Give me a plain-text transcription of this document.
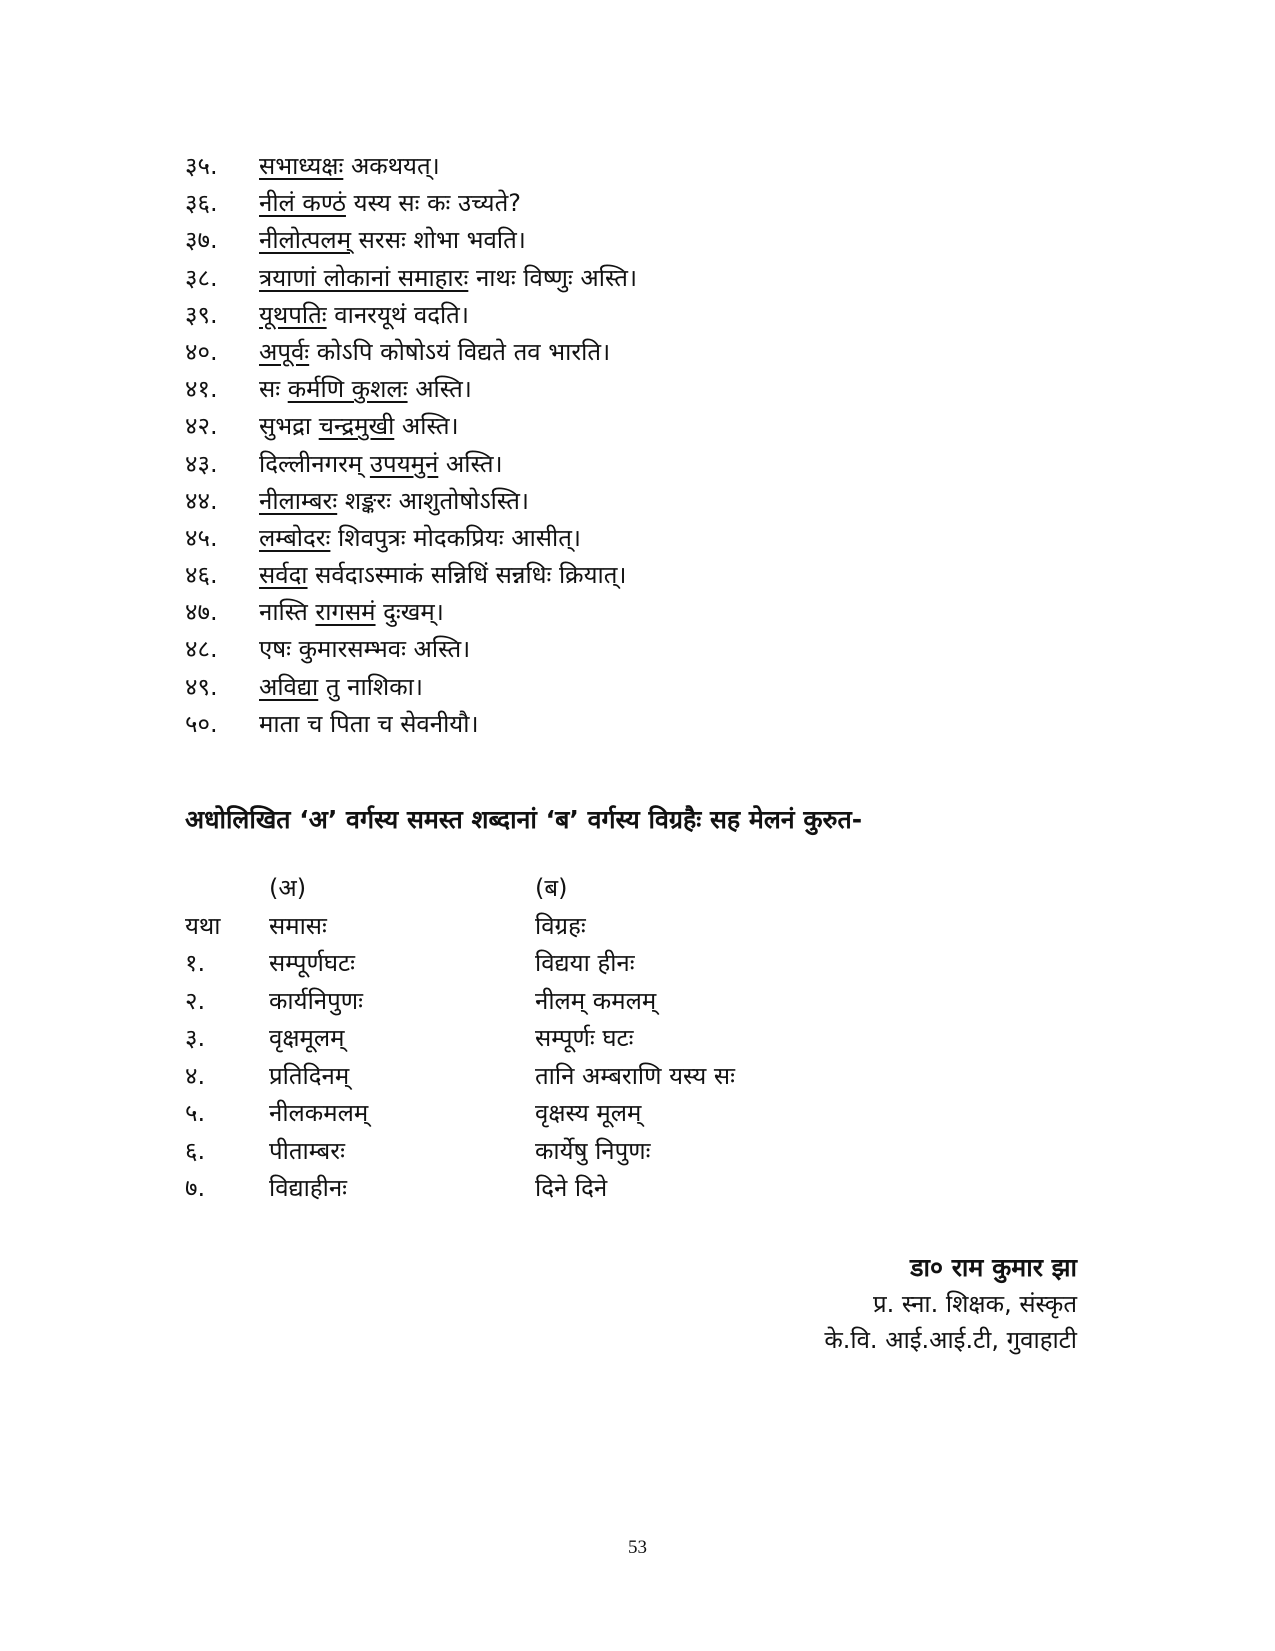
३५. सभाध्यक्षः अकथयत्।
३६. नीलं कण्ठं यस्य सः कः उच्यते?
३७. नीलोत्पलम् सरसः शोभा भवति।
३८. त्रयाणां लोकानां समाहारः नाथः विष्णुः अस्ति।
३९. यूथपतिः वानरयूथं वदति।
४०. अपूर्वः कोऽपि कोषोऽयं विद्यते तव भारति।
४१. सः कर्मणि कुशलः अस्ति।
४२. सुभद्रा चन्द्रमुखी अस्ति।
४३. दिल्लीनगरम् उपयमुनं अस्ति।
४४. नीलाम्बरः शङ्करः आशुतोषोऽस्ति।
४५. लम्बोदरः शिवपुत्रः मोदकप्रियः आसीत्।
४६. सर्वदा सर्वदाऽस्माकं सन्निधिं सन्नधिः क्रियात्।
४७. नास्ति रागसमं दुःखम्।
४८. एषः कुमारसम्भवः अस्ति।
४९. अविद्या तु नाशिका।
५०. माता च पिता च सेवनीयौ।
अधोलिखित ‘अ’ वर्गस्य समस्त शब्दानां ‘ब’ वर्गस्य विग्रहैः सह मेलनं कुरुत-
(अ)	(ब)
यथा समासः	विग्रहः
१.	सम्पूर्णघटः	विद्यया हीनः
२.	कार्यनिपुणः	नीलम् कमलम्
३.	वृक्षमूलम्	सम्पूर्णः घटः
४.	प्रतिदिनम्	तानि अम्बराणि यस्य सः
५.	नीलकमलम्	वृक्षस्य मूलम्
६.	पीताम्बरः	कार्येषु निपुणः
७.	विद्याहीनः	दिने दिने
डा० राम कुमार झा
प्र. स्ना. शिक्षक, संस्कृत
के.वि. आई.आई.टी, गुवाहाटी
53
